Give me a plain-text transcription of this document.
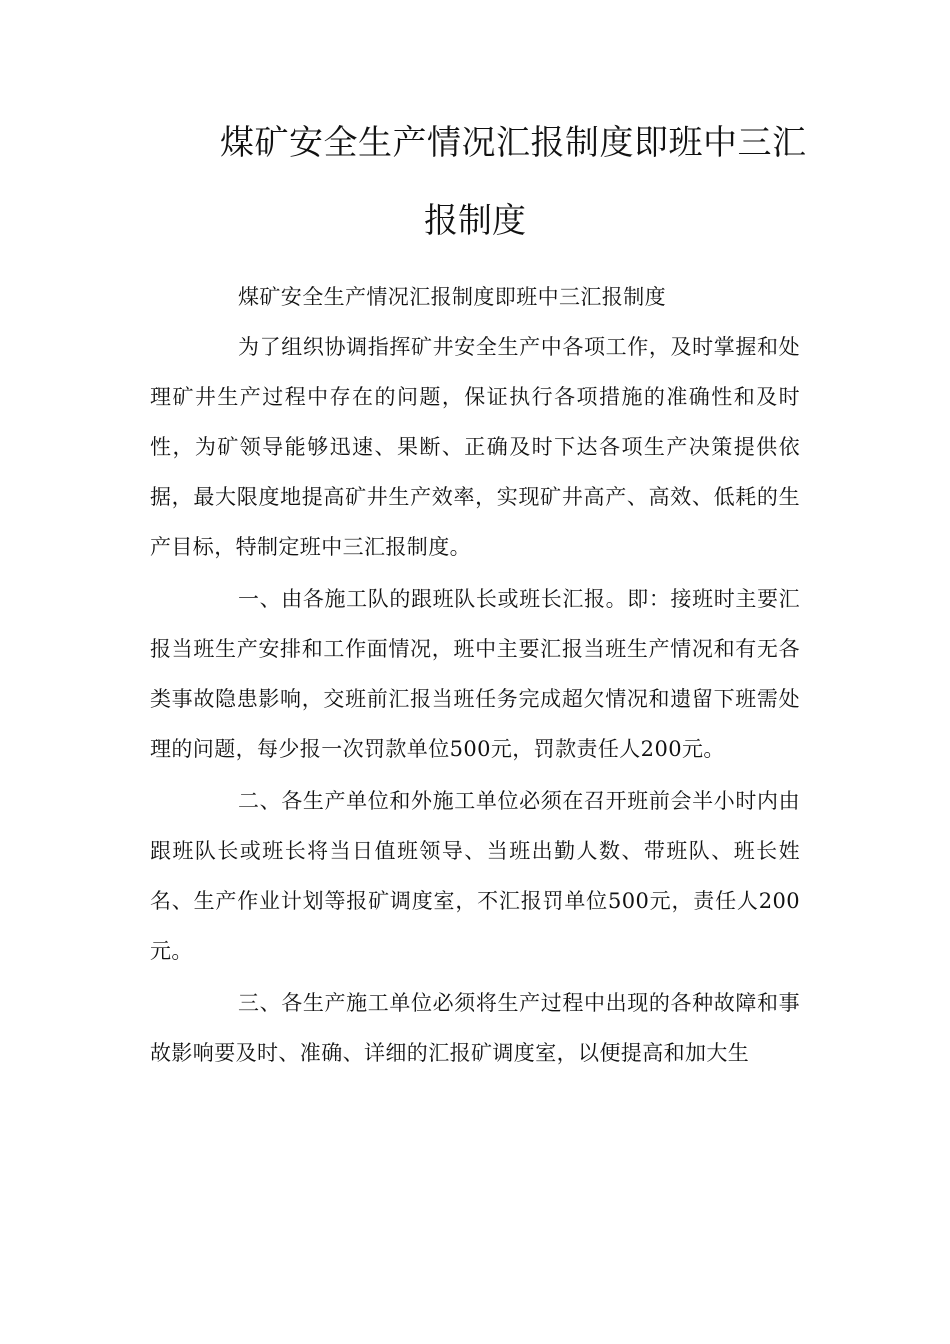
煤矿安全生产情况汇报制度即班中三汇
报制度

煤矿安全生产情况汇报制度即班中三汇报制度

为了组织协调指挥矿井安全生产中各项工作，及时掌握和处理矿井生产过程中存在的问题，保证执行各项措施的准确性和及时性，为矿领导能够迅速、果断、正确及时下达各项生产决策提供依据，最大限度地提高矿井生产效率，实现矿井高产、高效、低耗的生产目标，特制定班中三汇报制度。

一、由各施工队的跟班队长或班长汇报。即：接班时主要汇报当班生产安排和工作面情况，班中主要汇报当班生产情况和有无各类事故隐患影响，交班前汇报当班任务完成超欠情况和遗留下班需处理的问题，每少报一次罚款单位500元，罚款责任人200元。

二、各生产单位和外施工单位必须在召开班前会半小时内由跟班队长或班长将当日值班领导、当班出勤人数、带班队、班长姓名、生产作业计划等报矿调度室，不汇报罚单位500元，责任人200元。

三、各生产施工单位必须将生产过程中出现的各种故障和事故影响要及时、准确、详细的汇报矿调度室，以便提高和加大生
